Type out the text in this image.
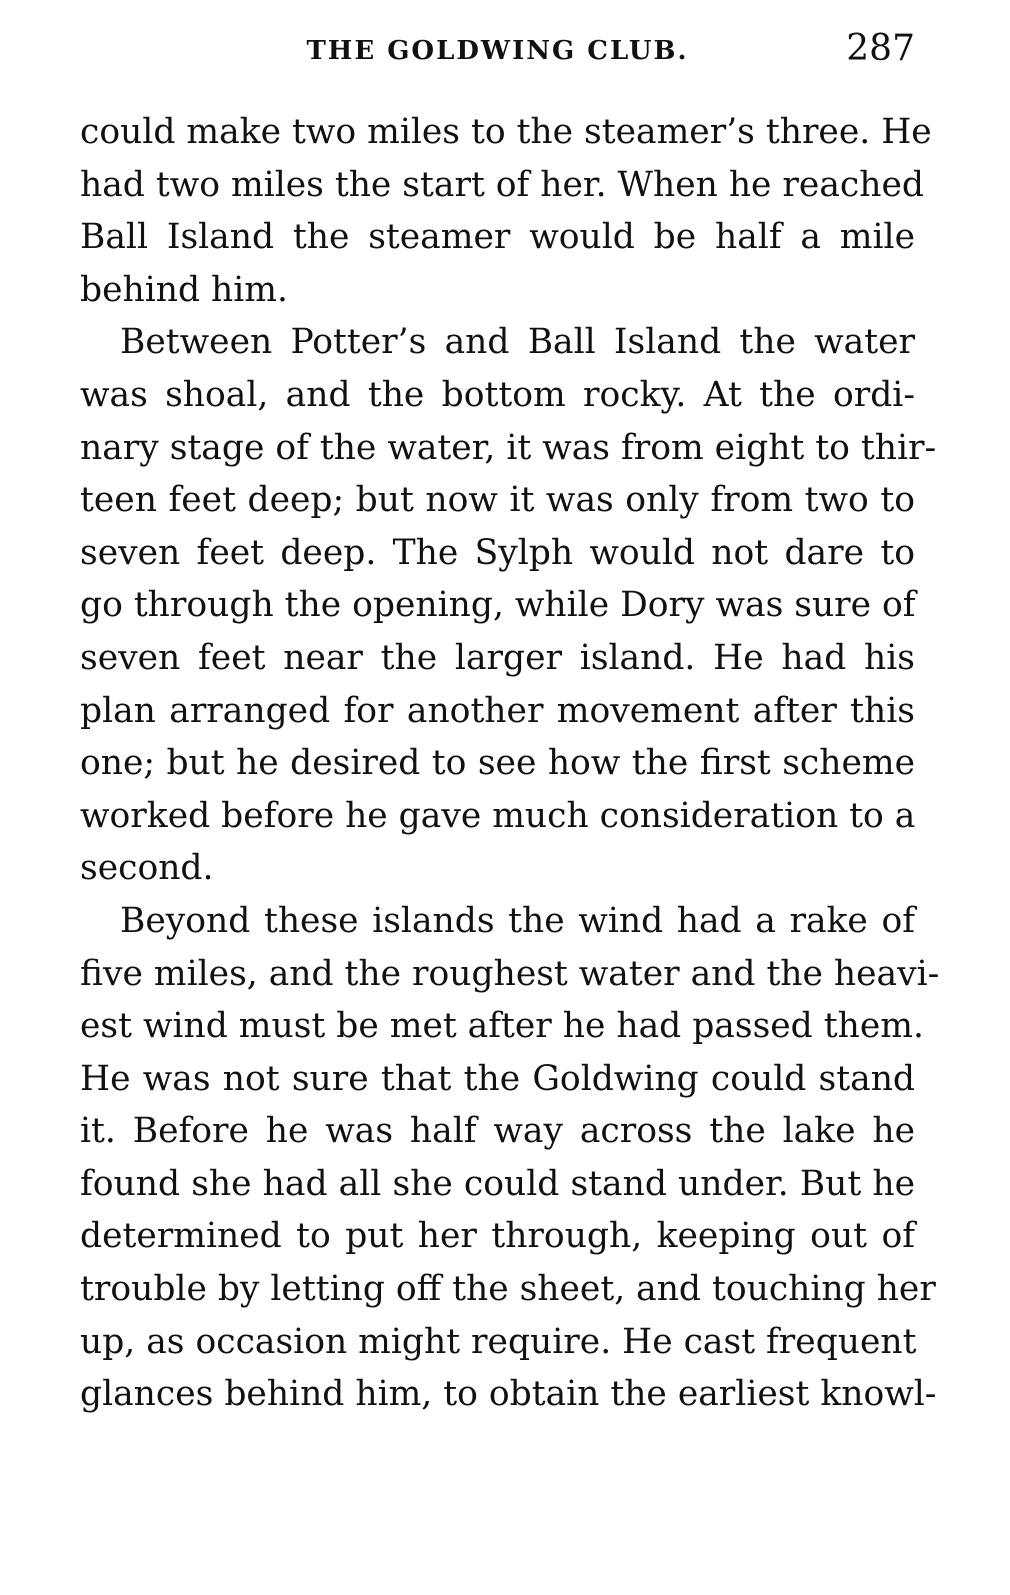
THE GOLDWING CLUB.	287
could make two miles to the steamer’s three. He
had two miles the start of her. When he reached
Ball Island the steamer would be half a mile
behind him.
Between Potter’s and Ball Island the water
was shoal, and the bottom rocky. At the ordi-
nary stage of the water, it was from eight to thir-
teen feet deep; but now it was only from two to
seven feet deep. The Sylph would not dare to
go through the opening, while Dory was sure of
seven feet near the larger island. He had his
plan arranged for another movement after this
one; but he desired to see how the first scheme
worked before he gave much consideration to a
second.
Beyond these islands the wind had a rake of
five miles, and the roughest water and the heavi-
est wind must be met after he had passed them.
He was not sure that the Goldwing could stand
it. Before he was half way across the lake he
found she had all she could stand under. But he
determined to put her through, keeping out of
trouble by letting off the sheet, and touching her
up, as occasion might require. He cast frequent
glances behind him, to obtain the earliest knowl-
